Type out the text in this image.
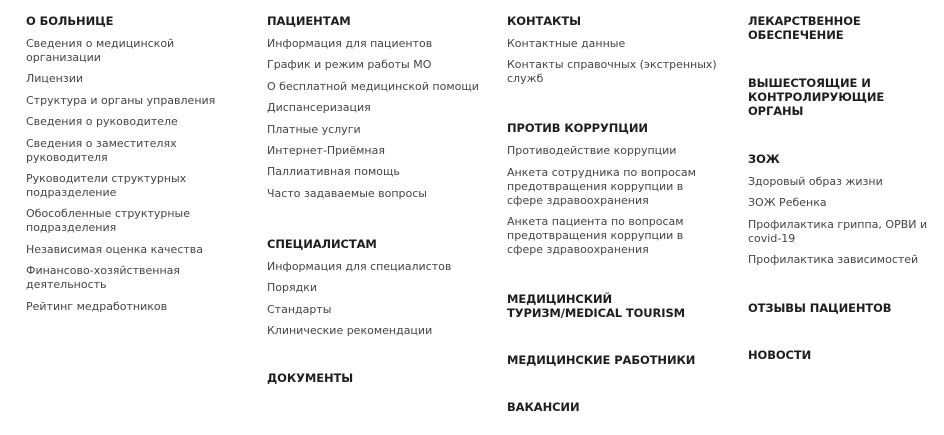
О БОЛЬНИЦЕ
Сведения о медицинской организации
Лицензии
Структура и органы управления
Сведения о руководителе
Сведения о заместителях руководителя
Руководители структурных подразделение
Обособленные структурные подразделения
Независимая оценка качества
Финансово-хозяйственная деятельность
Рейтинг медработников
ПАЦИЕНТАМ
Информация для пациентов
График и режим работы МО
О бесплатной медицинской помощи
Диспансеризация
Платные услуги
Интернет-Приёмная
Паллиативная помощь
Часто задаваемые вопросы
СПЕЦИАЛИСТАМ
Информация для специалистов
Порядки
Стандарты
Клинические рекомендации
ДОКУМЕНТЫ
КОНТАКТЫ
Контактные данные
Контакты справочных (экстренных) служб
ПРОТИВ КОРРУПЦИИ
Противодействие коррупции
Анкета сотрудника по вопросам предотвращения коррупции в сфере здравоохранения
Анкета пациента по вопросам предотвращения коррупции в сфере здравоохранения
МЕДИЦИНСКИЙ ТУРИЗМ/MEDICAL TOURISM
МЕДИЦИНСКИЕ РАБОТНИКИ
ВАКАНСИИ
ЛЕКАРСТВЕННОЕ ОБЕСПЕЧЕНИЕ
ВЫШЕСТОЯЩИЕ И КОНТРОЛИРУЮЩИЕ ОРГАНЫ
ЗОЖ
Здоровый образ жизни
ЗОЖ Ребенка
Профилактика гриппа, ОРВИ и covid-19
Профилактика зависимостей
ОТЗЫВЫ ПАЦИЕНТОВ
НОВОСТИ
